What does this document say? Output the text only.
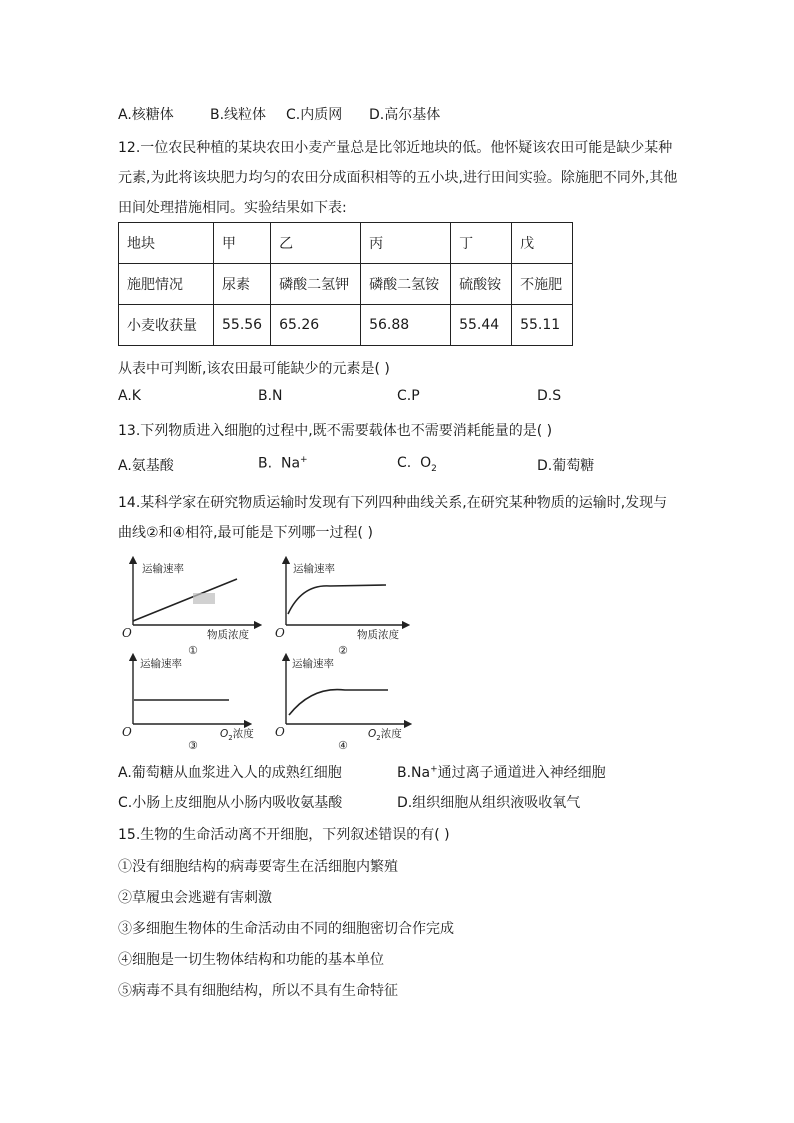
A.核糖体	B.线粒体 C.内质网 D.高尔基体
12.一位农民种植的某块农田小麦产量总是比邻近地块的低。他怀疑该农田可能是缺少某种
元素,为此将该块肥力均匀的农田分成面积相等的五小块,进行田间实验。除施肥不同外,其他
田间处理措施相同。实验结果如下表:
地块	甲	乙	丙	丁	戊
施肥情况	尿素	磷酸二氢钾	磷酸二氢铵	硫酸铵	不施肥
小麦收获量	55.56	65.26	56.88	55.44	55.11
从表中可判断,该农田最可能缺少的元素是( )
A.K	B.N	C.P	D.S
13.下列物质进入细胞的过程中,既不需要载体也不需要消耗能量的是( )
A.氨基酸	B. Na+	C. $O_2$	D.葡萄糖
14.某科学家在研究物质运输时发现有下列四种曲线关系,在研究某种物质的运输时,发现与
曲线②和④相符,最可能是下列哪一过程( )
运输速率
O	物质浓度
①
运输速率
O	物质浓度
②
运输速率
O	$O_2$浓度
③
运输速率
O	$O_2$浓度
④
A.葡萄糖从血浆进入人的成熟红细胞	B.Na+通过离子通道进入神经细胞
C.小肠上皮细胞从小肠内吸收氨基酸	D.组织细胞从组织液吸收氧气
15.生物的生命活动离不开细胞，下列叙述错误的有( )
①没有细胞结构的病毒要寄生在活细胞内繁殖
②草履虫会逃避有害刺激
③多细胞生物体的生命活动由不同的细胞密切合作完成
④细胞是一切生物体结构和功能的基本单位
⑤病毒不具有细胞结构，所以不具有生命特征
